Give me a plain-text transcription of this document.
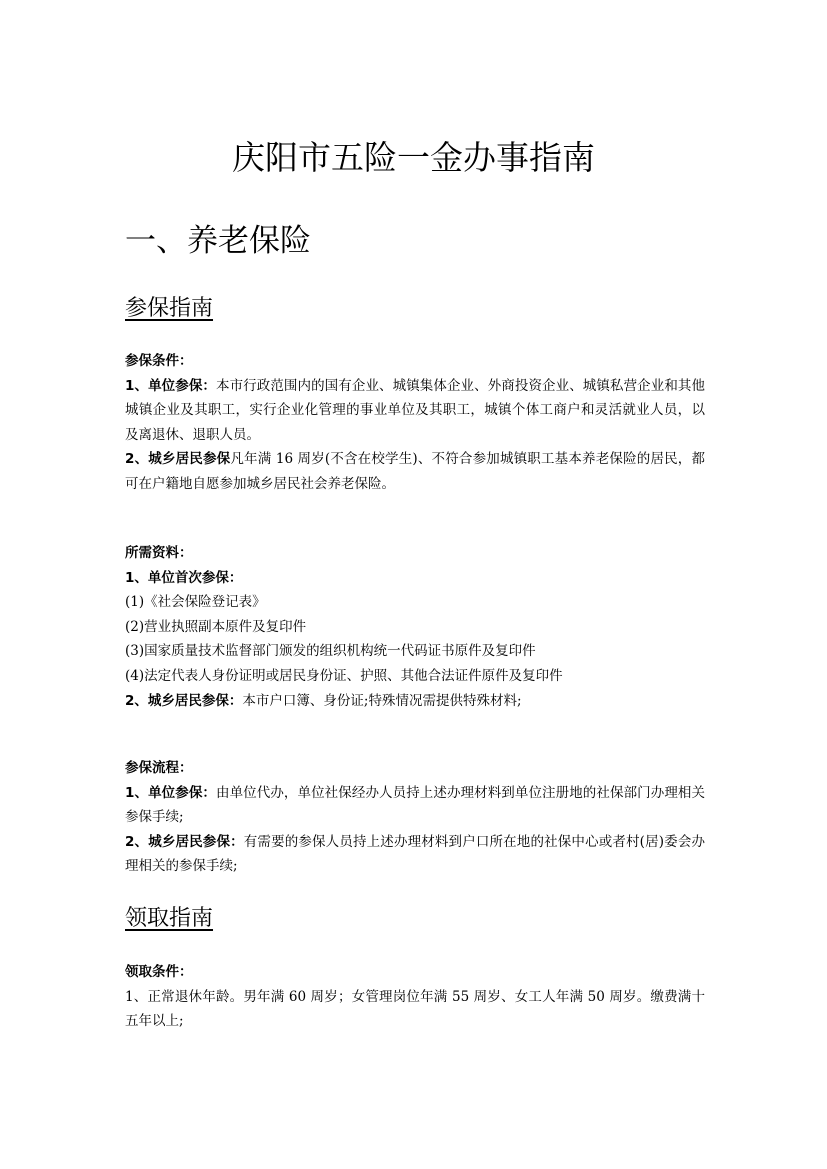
庆阳市五险一金办事指南
一、养老保险
参保指南

参保条件：

1、单位参保：本市行政范围内的国有企业、城镇集体企业、外商投资企业、城镇私营企业和其他城镇企业及其职工，实行企业化管理的事业单位及其职工，城镇个体工商户和灵活就业人员，以及离退休、退职人员。

2、城乡居民参保凡年满 16 周岁(不含在校学生)、不符合参加城镇职工基本养老保险的居民，都可在户籍地自愿参加城乡居民社会养老保险。

所需资料：

1、单位首次参保：

(1)《社会保险登记表》

(2)营业执照副本原件及复印件

(3)国家质量技术监督部门颁发的组织机构统一代码证书原件及复印件

(4)法定代表人身份证明或居民身份证、护照、其他合法证件原件及复印件

2、城乡居民参保：本市户口簿、身份证;特殊情况需提供特殊材料;

参保流程：

1、单位参保：由单位代办，单位社保经办人员持上述办理材料到单位注册地的社保部门办理相关参保手续;

2、城乡居民参保：有需要的参保人员持上述办理材料到户口所在地的社保中心或者村(居)委会办理相关的参保手续;

领取指南

领取条件：

1、正常退休年龄。男年满 60 周岁；女管理岗位年满 55 周岁、女工人年满 50 周岁。缴费满十五年以上;
